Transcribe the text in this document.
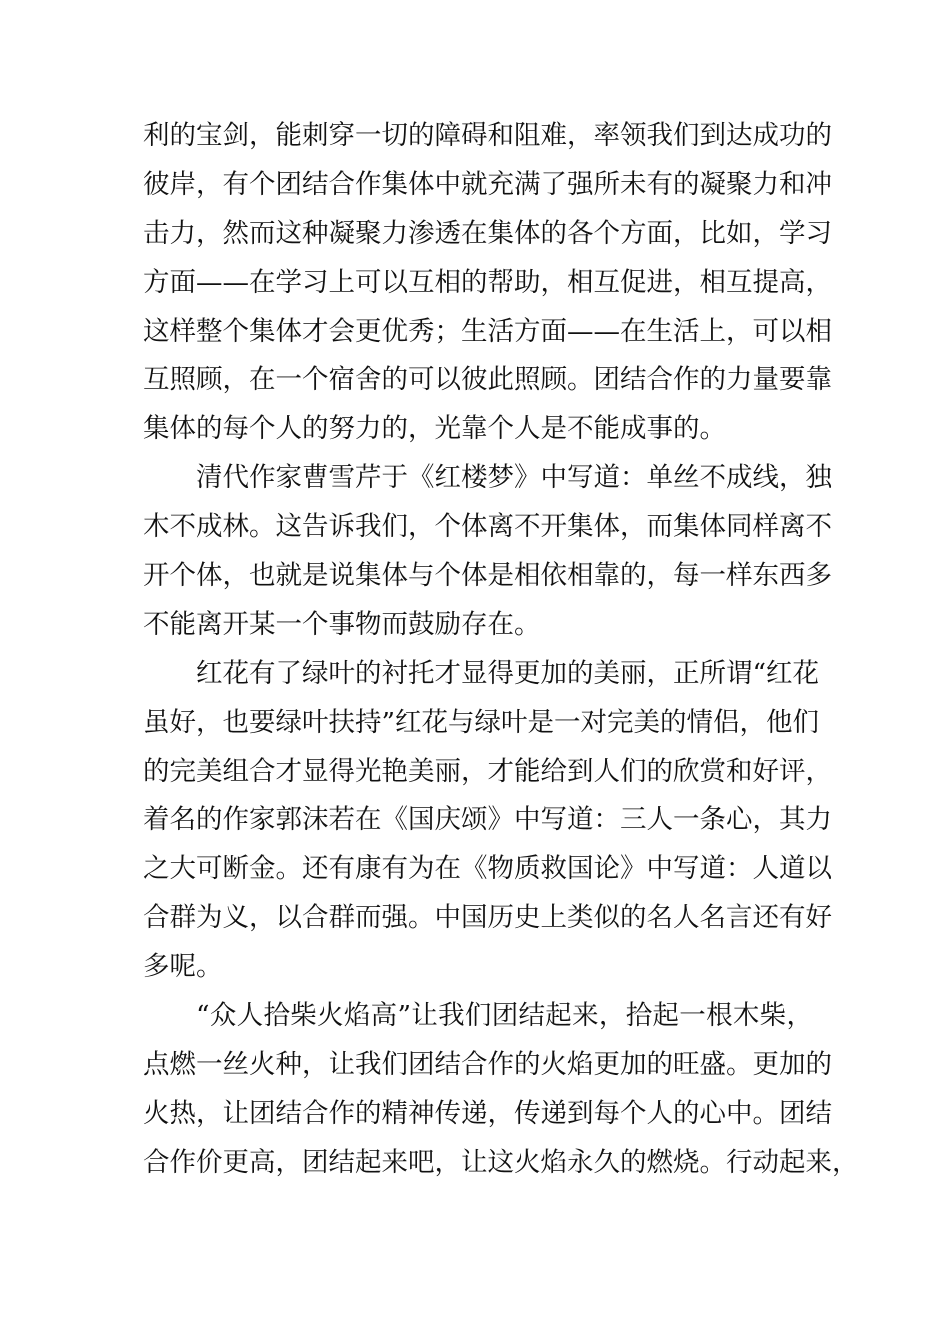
利的宝剑，能刺穿一切的障碍和阻难，率领我们到达成功的
彼岸，有个团结合作集体中就充满了强所未有的凝聚力和冲
击力，然而这种凝聚力渗透在集体的各个方面，比如，学习
方面——在学习上可以互相的帮助，相互促进，相互提高，
这样整个集体才会更优秀；生活方面——在生活上，可以相
互照顾，在一个宿舍的可以彼此照顾。团结合作的力量要靠
集体的每个人的努力的，光靠个人是不能成事的。
清代作家曹雪芹于《红楼梦》中写道：单丝不成线，独
木不成林。这告诉我们，个体离不开集体，而集体同样离不
开个体，也就是说集体与个体是相依相靠的，每一样东西多
不能离开某一个事物而鼓励存在。
红花有了绿叶的衬托才显得更加的美丽，正所谓“红花
虽好，也要绿叶扶持”红花与绿叶是一对完美的情侣，他们
的完美组合才显得光艳美丽，才能给到人们的欣赏和好评，
着名的作家郭沫若在《国庆颂》中写道：三人一条心，其力
之大可断金。还有康有为在《物质救国论》中写道：人道以
合群为义，以合群而强。中国历史上类似的名人名言还有好
多呢。
“众人拾柴火焰高”让我们团结起来，拾起一根木柴，
点燃一丝火种，让我们团结合作的火焰更加的旺盛。更加的
火热，让团结合作的精神传递，传递到每个人的心中。团结
合作价更高，团结起来吧，让这火焰永久的燃烧。行动起来，
